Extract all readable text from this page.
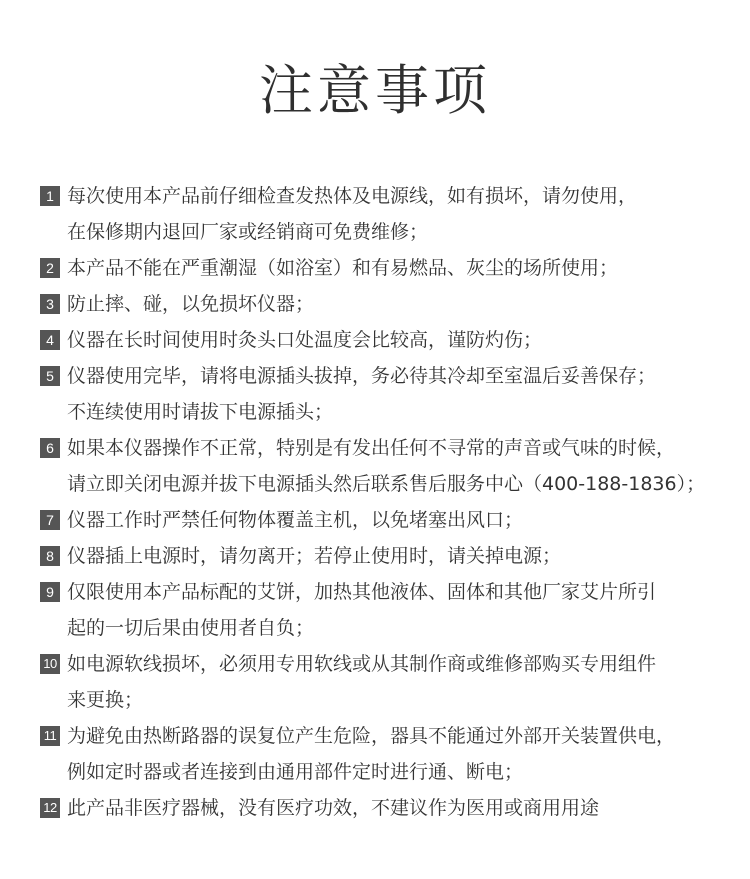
注意事项
1 每次使用本产品前仔细检查发热体及电源线，如有损坏，请勿使用，
在保修期内退回厂家或经销商可免费维修；
2 本产品不能在严重潮湿（如浴室）和有易燃品、灰尘的场所使用；
3 防止摔、碰，以免损坏仪器；
4 仪器在长时间使用时灸头口处温度会比较高，谨防灼伤；
5 仪器使用完毕，请将电源插头拔掉，务必待其冷却至室温后妥善保存；
不连续使用时请拔下电源插头；
6 如果本仪器操作不正常，特别是有发出任何不寻常的声音或气味的时候，
请立即关闭电源并拔下电源插头然后联系售后服务中心（400-188-1836）；
7 仪器工作时严禁任何物体覆盖主机，以免堵塞出风口；
8 仪器插上电源时，请勿离开；若停止使用时，请关掉电源；
9 仅限使用本产品标配的艾饼，加热其他液体、固体和其他厂家艾片所引
起的一切后果由使用者自负；
10 如电源软线损坏，必须用专用软线或从其制作商或维修部购买专用组件
来更换；
11 为避免由热断路器的误复位产生危险，器具不能通过外部开关装置供电，
例如定时器或者连接到由通用部件定时进行通、断电；
12 此产品非医疗器械，没有医疗功效，不建议作为医用或商用用途
